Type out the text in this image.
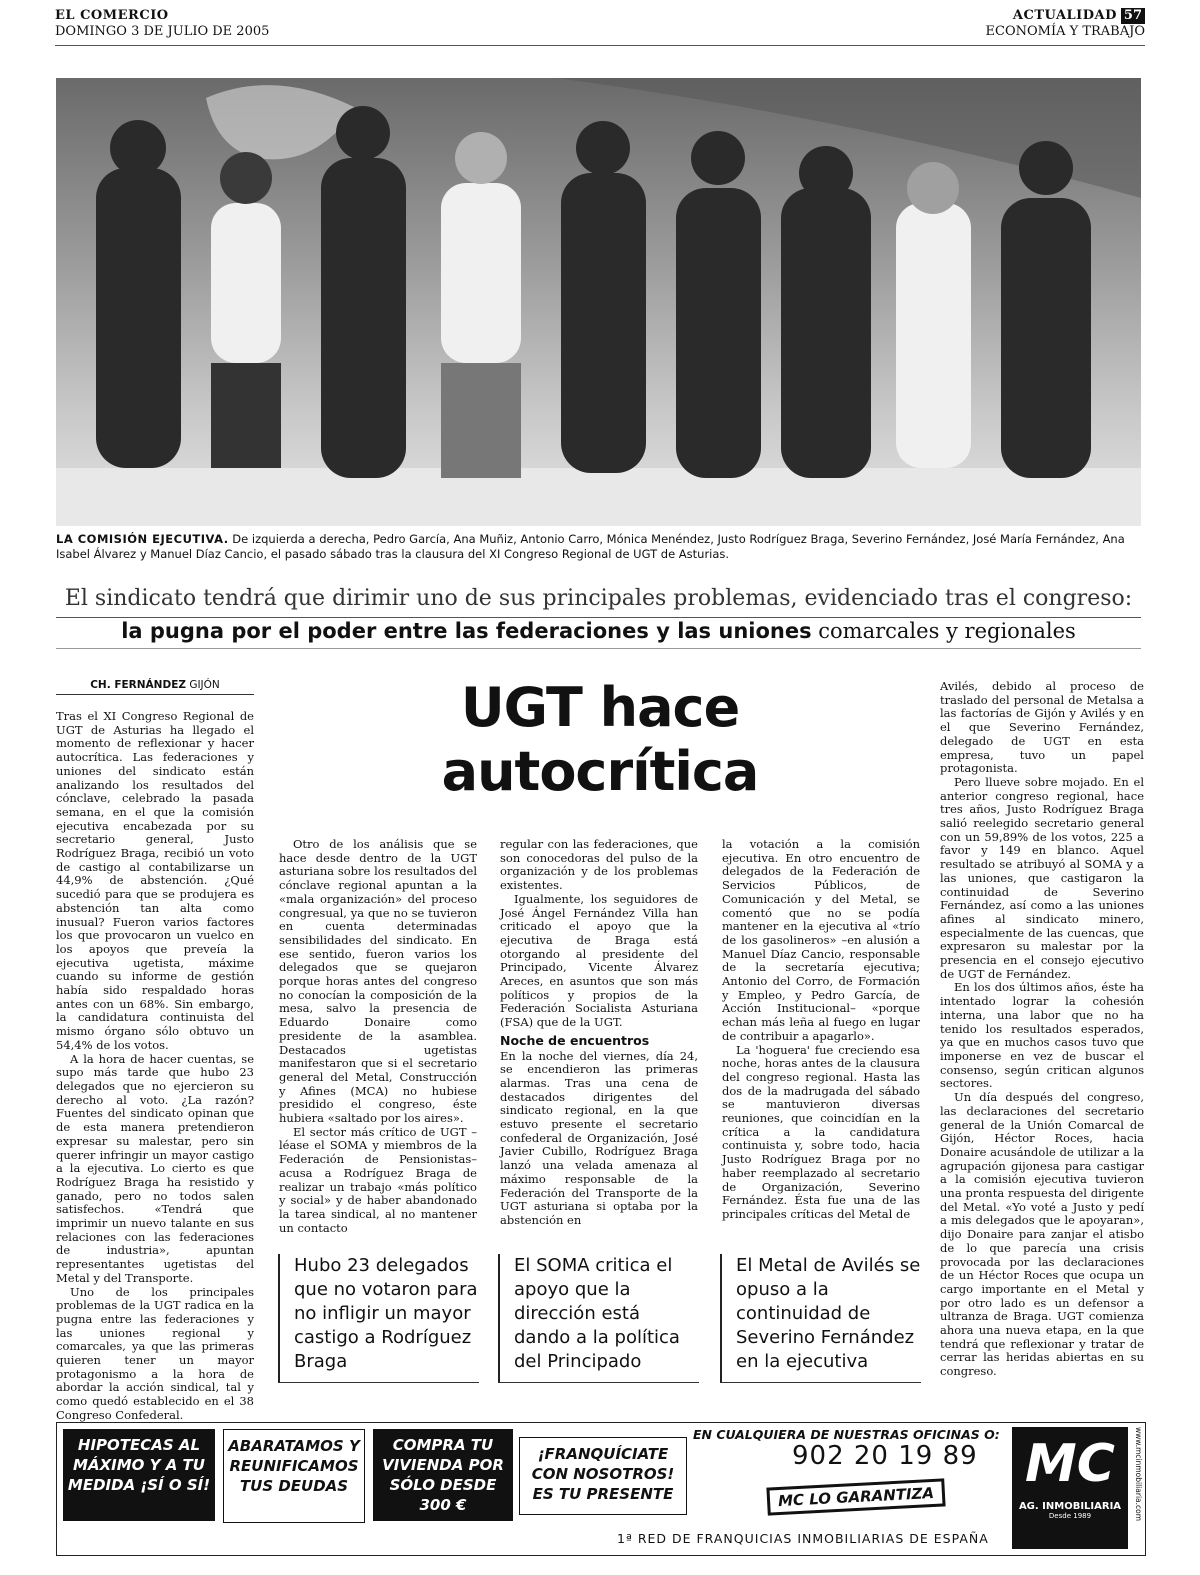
EL COMERCIO
DOMINGO 3 DE JULIO DE 2005
ACTUALIDAD 57
ECONOMÍA Y TRABAJO
LA COMISIÓN EJECUTIVA. De izquierda a derecha, Pedro García, Ana Muñiz, Antonio Carro, Mónica Menéndez, Justo Rodríguez Braga, Severino Fernández, José María Fernández, Ana Isabel Álvarez y Manuel Díaz Cancio, el pasado sábado tras la clausura del XI Congreso Regional de UGT de Asturias.
El sindicato tendrá que dirimir uno de sus principales problemas, evidenciado tras el congreso:
la pugna por el poder entre las federaciones y las uniones comarcales y regionales
CH. FERNÁNDEZ GIJÓN	UGT hace
autocrítica

Tras el XI Congreso Regional de UGT de Asturias ha llegado el momento de reflexionar y hacer autocrítica. Las federaciones y uniones del sindicato están analizando los resultados del cónclave, celebrado la pasada semana, en el que la comisión ejecutiva encabezada por su secretario general, Justo Rodríguez Braga, recibió un voto de castigo al contabilizarse un 44,9% de abstención. ¿Qué sucedió para que se produjera es abstención tan alta como inusual? Fueron varios factores los que provocaron un vuelco en los apoyos que preveía la ejecutiva ugetista, máxime cuando su informe de gestión había sido respaldado horas antes con un 68%. Sin embargo, la candidatura continuista del mismo órgano sólo obtuvo un 54,4% de los votos.

A la hora de hacer cuentas, se supo más tarde que hubo 23 delegados que no ejercieron su derecho al voto. ¿La razón? Fuentes del sindicato opinan que de esta manera pretendieron expresar su malestar, pero sin querer infringir un mayor castigo a la ejecutiva. Lo cierto es que Rodríguez Braga ha resistido y ganado, pero no todos salen satisfechos. «Tendrá que imprimir un nuevo talante en sus relaciones con las federaciones de industria», apuntan representantes ugetistas del Metal y del Transporte.

Uno de los principales problemas de la UGT radica en la pugna entre las federaciones y las uniones regional y comarcales, ya que las primeras quieren tener un mayor protagonismo a la hora de abordar la acción sindical, tal y como quedó establecido en el 38 Congreso Confederal.

Otro de los análisis que se hace desde dentro de la UGT asturiana sobre los resultados del cónclave regional apuntan a la «mala organización» del proceso congresual, ya que no se tuvieron en cuenta determinadas sensibilidades del sindicato. En ese sentido, fueron varios los delegados que se quejaron porque horas antes del congreso no conocían la composición de la mesa, salvo la presencia de Eduardo Donaire como presidente de la asamblea. Destacados ugetistas manifestaron que si el secretario general del Metal, Construcción y Afines (MCA) no hubiese presidido el congreso, éste hubiera «saltado por los aires».

El sector más crítico de UGT –léase el SOMA y miembros de la Federación de Pensionistas– acusa a Rodríguez Braga de realizar un trabajo «más político y social» y de haber abandonado la tarea sindical, al no mantener un contacto

regular con las federaciones, que son conocedoras del pulso de la organización y de los problemas existentes.

Igualmente, los seguidores de José Ángel Fernández Villa han criticado el apoyo que la ejecutiva de Braga está otorgando al presidente del Principado, Vicente Álvarez Areces, en asuntos que son más políticos y propios de la Federación Socialista Asturiana (FSA) que de la UGT.

Noche de encuentros

En la noche del viernes, día 24, se encendieron las primeras alarmas. Tras una cena de destacados dirigentes del sindicato regional, en la que estuvo presente el secretario confederal de Organización, José Javier Cubillo, Rodríguez Braga lanzó una velada amenaza al máximo responsable de la Federación del Transporte de la UGT asturiana si optaba por la abstención en

la votación a la comisión ejecutiva. En otro encuentro de delegados de la Federación de Servicios Públicos, de Comunicación y del Metal, se comentó que no se podía mantener en la ejecutiva al «trío de los gasolineros» –en alusión a Manuel Díaz Cancio, responsable de la secretaría ejecutiva; Antonio del Corro, de Formación y Empleo, y Pedro García, de Acción Institucional– «porque echan más leña al fuego en lugar de contribuir a apagarlo».

La 'hoguera' fue creciendo esa noche, horas antes de la clausura del congreso regional. Hasta las dos de la madrugada del sábado se mantuvieron diversas reuniones, que coincidían en la crítica a la candidatura continuista y, sobre todo, hacia Justo Rodríguez Braga por no haber reemplazado al secretario de Organización, Severino Fernández. Ésta fue una de las principales críticas del Metal de

Hubo 23 delegados que no votaron para no infligir un mayor castigo a Rodríguez Braga
El SOMA critica el apoyo que la dirección está dando a la política del Principado
El Metal de Avilés se opuso a la continuidad de Severino Fernández en la ejecutiva

Avilés, debido al proceso de traslado del personal de Metalsa a las factorías de Gijón y Avilés y en el que Severino Fernández, delegado de UGT en esta empresa, tuvo un papel protagonista.

Pero llueve sobre mojado. En el anterior congreso regional, hace tres años, Justo Rodríguez Braga salió reelegido secretario general con un 59,89% de los votos, 225 a favor y 149 en blanco. Aquel resultado se atribuyó al SOMA y a las uniones, que castigaron la continuidad de Severino Fernández, así como a las uniones afines al sindicato minero, especialmente de las cuencas, que expresaron su malestar por la presencia en el consejo ejecutivo de UGT de Fernández.

En los dos últimos años, éste ha intentado lograr la cohesión interna, una labor que no ha tenido los resultados esperados, ya que en muchos casos tuvo que imponerse en vez de buscar el consenso, según critican algunos sectores.

Un día después del congreso, las declaraciones del secretario general de la Unión Comarcal de Gijón, Héctor Roces, hacia Donaire acusándole de utilizar a la agrupación gijonesa para castigar a la comisión ejecutiva tuvieron una pronta respuesta del dirigente del Metal. «Yo voté a Justo y pedí a mis delegados que le apoyaran», dijo Donaire para zanjar el atisbo de lo que parecía una crisis provocada por las declaraciones de un Héctor Roces que ocupa un cargo importante en el Metal y por otro lado es un defensor a ultranza de Braga. UGT comienza ahora una nueva etapa, en la que tendrá que reflexionar y tratar de cerrar las heridas abiertas en su congreso.

HIPOTECAS AL MÁXIMO Y A TU MEDIDA ¡SÍ O SÍ!
ABARATAMOS Y REUNIFICAMOS TUS DEUDAS
COMPRA TU VIVIENDA POR SÓLO DESDE 300 €
¡FRANQUÍCIATE CON NOSOTROS! ES TU PRESENTE
EN CUALQUIERA DE NUESTRAS OFICINAS O:
902 20 19 89
MC LO GARANTIZA
MC
AG. INMOBILIARIA
Desde 1989	www.mcinmobiliaria.com
1ª RED DE FRANQUICIAS INMOBILIARIAS DE ESPAÑA
